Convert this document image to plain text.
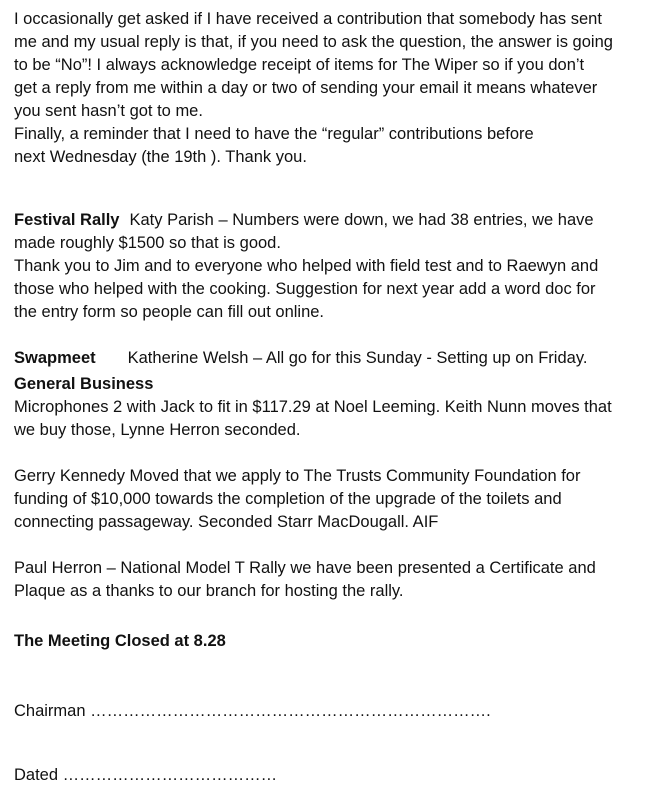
I occasionally get asked if I have received a contribution that somebody has sent

me and my usual reply is that, if you need to ask the question, the answer is going

to be “No”! I always acknowledge receipt of items for The Wiper so if you don’t

get a reply from me within a day or two of sending your email it means whatever

you sent hasn’t got to me.

Finally, a reminder that I need to have the “regular” contributions before

next Wednesday (the 19th ). Thank you.

Festival Rally Katy Parish – Numbers were down, we had 38 entries, we have

made roughly $1500 so that is good.

Thank you to Jim and to everyone who helped with field test and to Raewyn and

those who helped with the cooking. Suggestion for next year add a word doc for

the entry form so people can fill out online.

Swapmeet Katherine Welsh – All go for this Sunday - Setting up on Friday.

General Business

Microphones 2 with Jack to fit in $117.29 at Noel Leeming. Keith Nunn moves that

we buy those, Lynne Herron seconded.

Gerry Kennedy Moved that we apply to The Trusts Community Foundation for

funding of $10,000 towards the completion of the upgrade of the toilets and

connecting passageway. Seconded Starr MacDougall. AIF

Paul Herron – National Model T Rally we have been presented a Certificate and

Plaque as a thanks to our branch for hosting the rally.

The Meeting Closed at 8.28

Chairman ……………………………………………………………….

Dated …………………………………
